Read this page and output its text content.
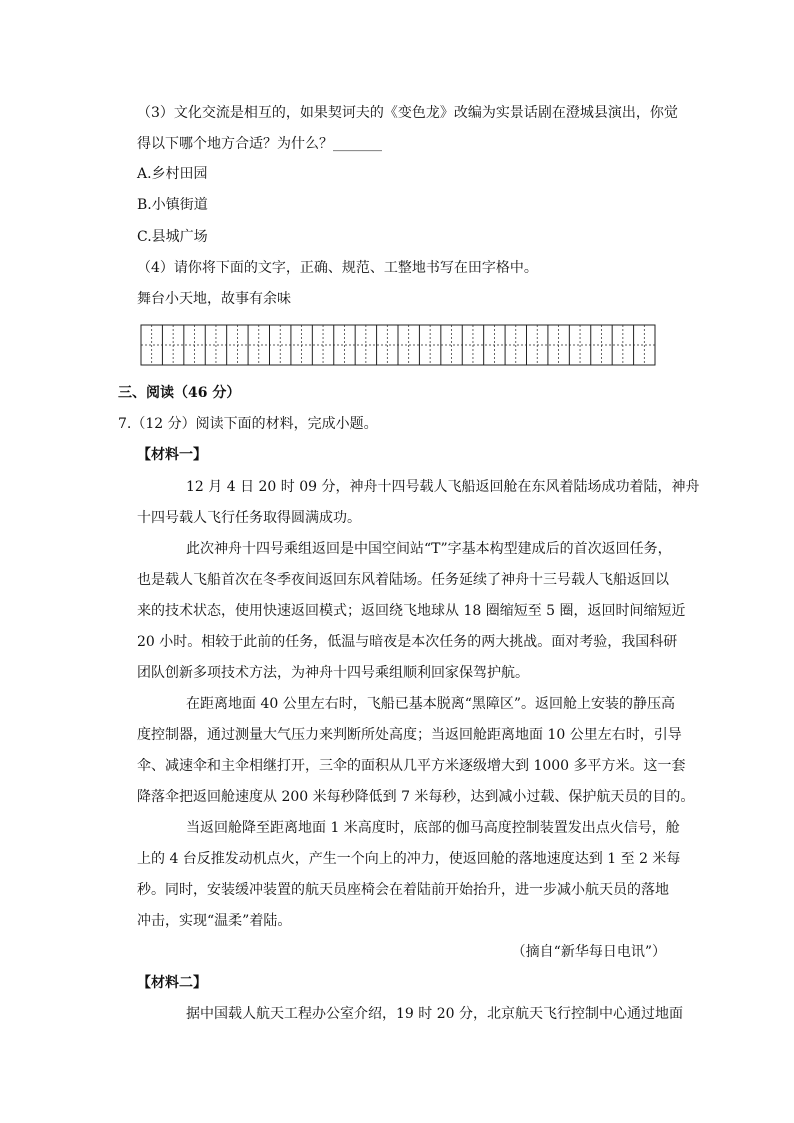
（3）文化交流是相互的，如果契诃夫的《变色龙》改编为实景话剧在澄城县演出，你觉
得以下哪个地方合适？为什么？_______
A.乡村田园
B.小镇街道
C.县城广场
（4）请你将下面的文字，正确、规范、工整地书写在田字格中。
舞台小天地，故事有余味
三、阅读（46 分）
7.（12 分）阅读下面的材料，完成小题。
【材料一】
12 月 4 日 20 时 09 分，神舟十四号载人飞船返回舱在东风着陆场成功着陆，神舟
十四号载人飞行任务取得圆满成功。
此次神舟十四号乘组返回是中国空间站“T”字基本构型建成后的首次返回任务，
也是载人飞船首次在冬季夜间返回东风着陆场。任务延续了神舟十三号载人飞船返回以
来的技术状态，使用快速返回模式；返回绕飞地球从 18 圈缩短至 5 圈，返回时间缩短近
20 小时。相较于此前的任务，低温与暗夜是本次任务的两大挑战。面对考验，我国科研
团队创新多项技术方法，为神舟十四号乘组顺利回家保驾护航。
在距离地面 40 公里左右时，飞船已基本脱离“黑障区”。返回舱上安装的静压高
度控制器，通过测量大气压力来判断所处高度；当返回舱距离地面 10 公里左右时，引导
伞、减速伞和主伞相继打开，三伞的面积从几平方米逐级增大到 1000 多平方米。这一套
降落伞把返回舱速度从 200 米每秒降低到 7 米每秒，达到减小过载、保护航天员的目的。
当返回舱降至距离地面 1 米高度时，底部的伽马高度控制装置发出点火信号，舱
上的 4 台反推发动机点火，产生一个向上的冲力，使返回舱的落地速度达到 1 至 2 米每
秒。同时，安装缓冲装置的航天员座椅会在着陆前开始抬升，进一步减小航天员的落地
冲击，实现“温柔”着陆。
（摘自“新华每日电讯”）
【材料二】
据中国载人航天工程办公室介绍，19 时 20 分，北京航天飞行控制中心通过地面
